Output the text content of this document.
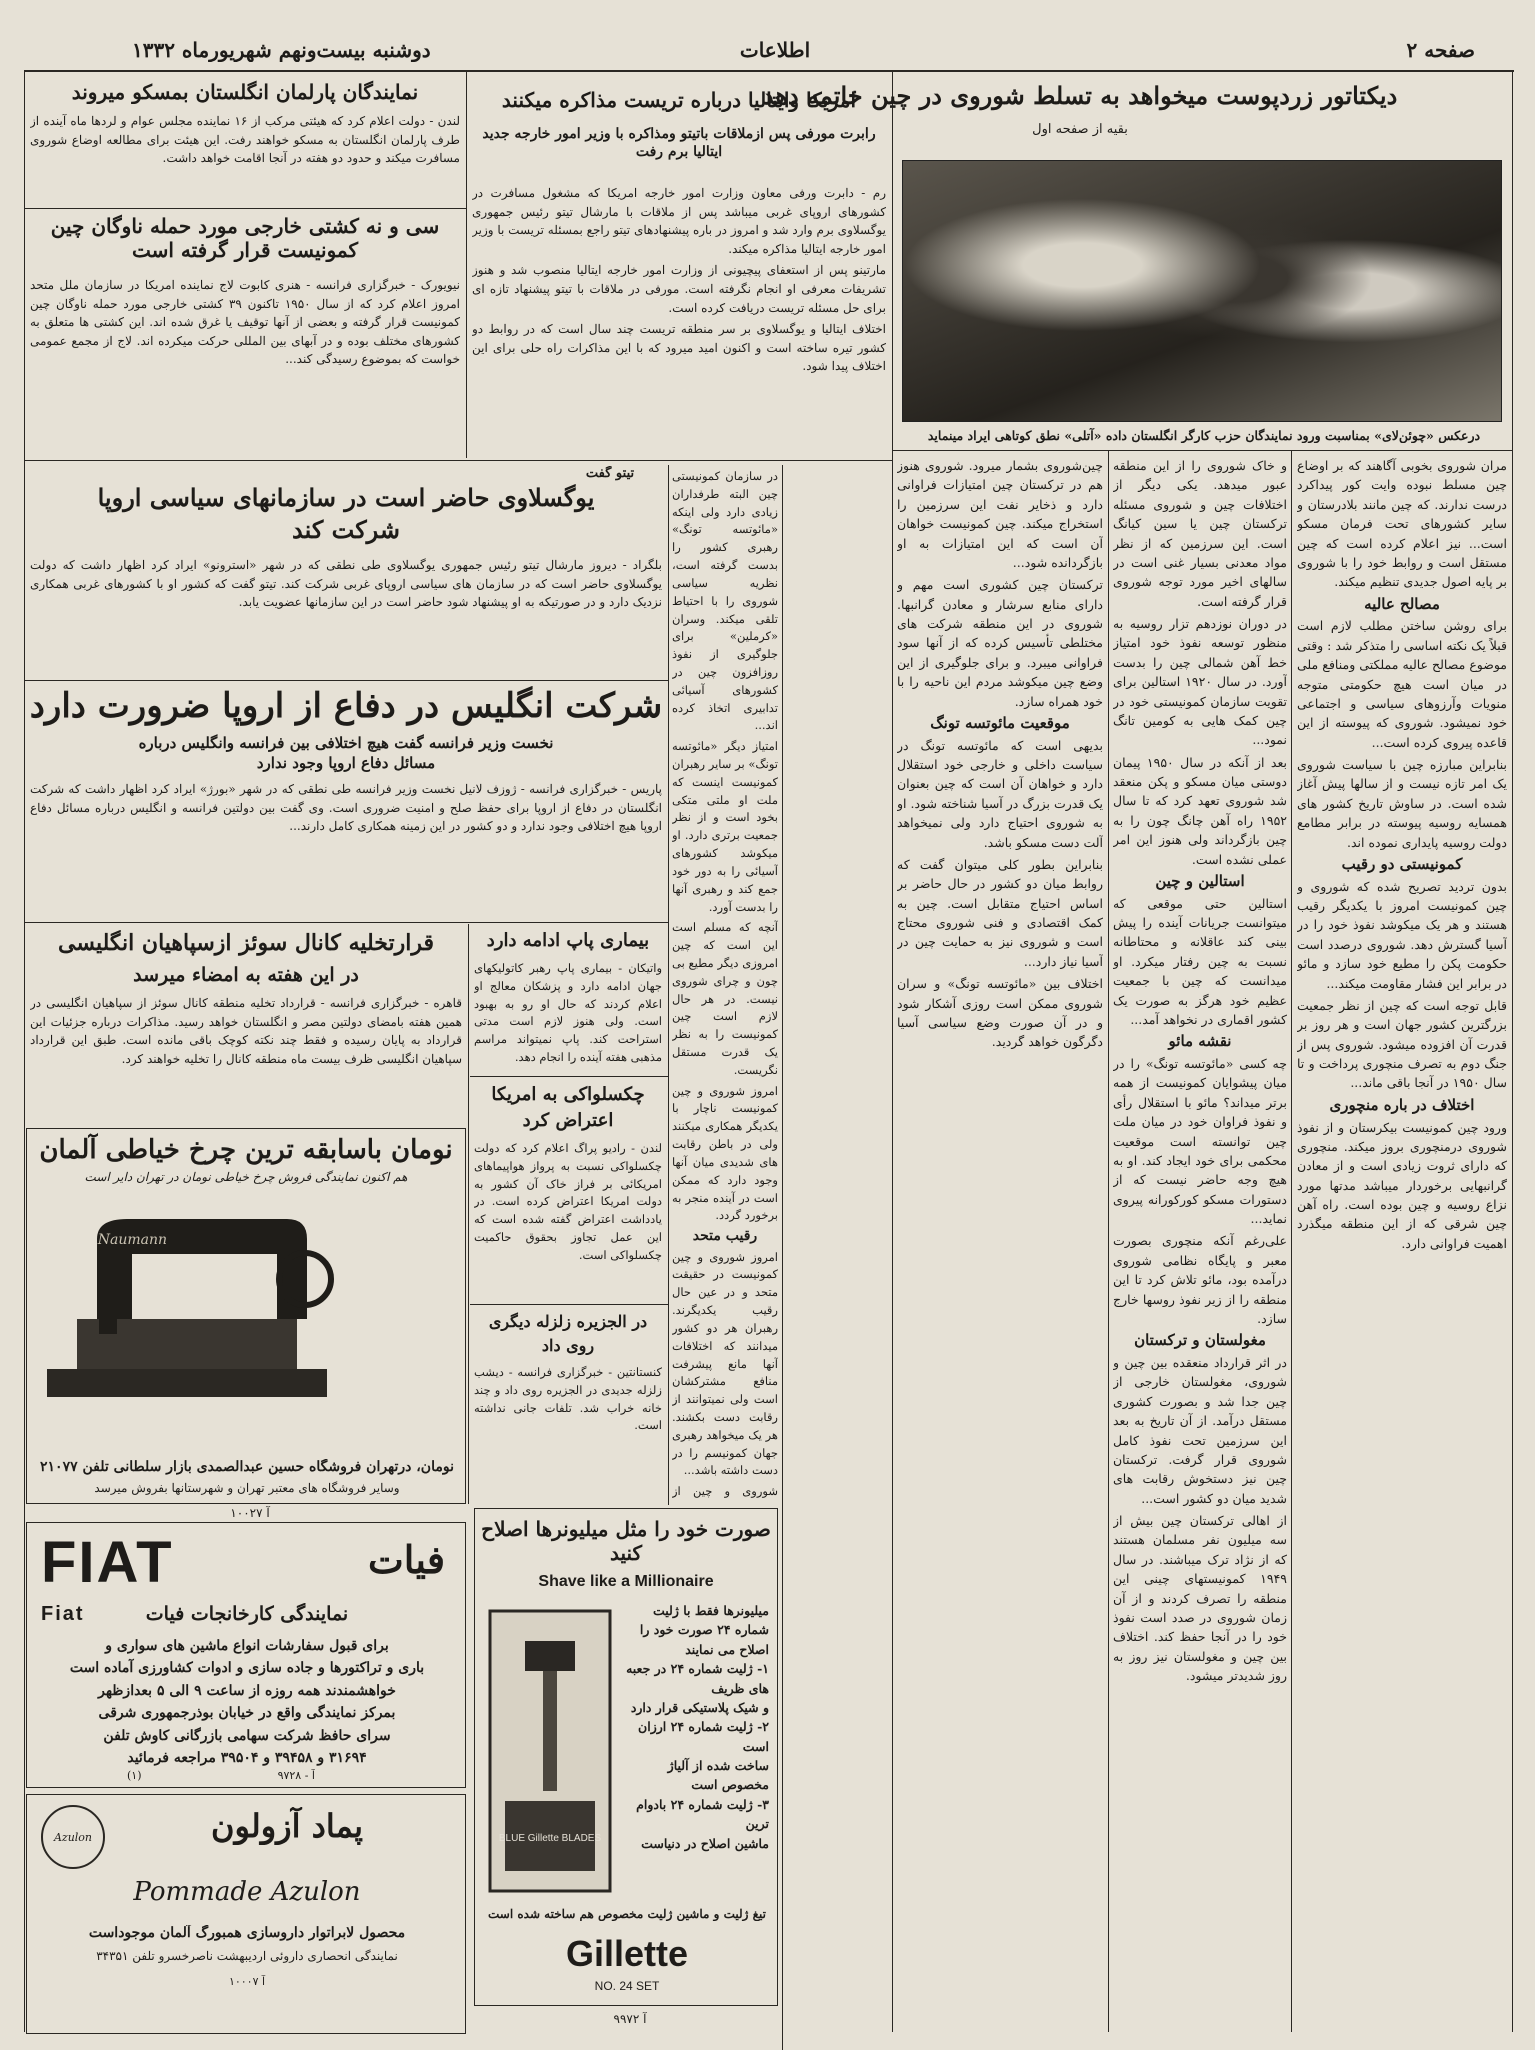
صفحه ۲
اطلاعات
دوشنبه بیست‌ونهم شهریورماه ۱۳۳۲
دیکتاتور زردپوست میخواهد به تسلط شوروی در چین خاتمه دهد
بقیه از صفحه اول
درعکس «چوئن‌لای» بمناسبت ورود نمایندگان حزب کارگر انگلستان داده «آتلی» نطق کوتاهی ایراد مینماید

مران شوروی بخوبی آگاهند که بر اوضاع چین مسلط نبوده وایت کور پیداکرد درست ندارند. که چین مانند بلادرستان و سایر کشورهای تحت فرمان مسکو است... نیز اعلام کرده است که چین مستقل است و روابط خود را با شوروی بر پایه اصول جدیدی تنظیم میکند.

مصالح عالیه

برای روشن ساختن مطلب لازم است قبلاً یک نکته اساسی را متذکر شد : وقتی موضوع مصالح عالیه مملکتی ومنافع ملی در میان است هیچ حکومتی متوجه منویات وآرزوهای سیاسی و اجتماعی خود نمیشود. شوروی که پیوسته از این قاعده پیروی کرده است...

بنابراین مبارزه چین با سیاست شوروی یک امر تازه نیست و از سالها پیش آغاز شده است. در ساوش تاریخ کشور های همسایه روسیه پیوسته در برابر مطامع دولت روسیه پایداری نموده اند.

کمونیستی دو رقیب

بدون تردید تصریح شده که شوروی و چین کمونیست امروز با یکدیگر رقیب هستند و هر یک میکوشد نفوذ خود را در آسیا گسترش دهد. شوروی درصدد است حکومت پکن را مطیع خود سازد و مائو در برابر این فشار مقاومت میکند...

قابل توجه است که چین از نظر جمعیت بزرگترین کشور جهان است و هر روز بر قدرت آن افزوده میشود. شوروی پس از جنگ دوم به تصرف منچوری پرداخت و تا سال ۱۹۵۰ در آنجا باقی ماند...

اختلاف در باره منچوری

ورود چین کمونیست بیکرستان و از نفوذ شوروی درمنچوری بروز میکند. منچوری که دارای ثروت زیادی است و از معادن گرانبهایی برخوردار میباشد مدتها مورد نزاع روسیه و چین بوده است. راه آهن چین شرقی که از این منطقه میگذرد اهمیت فراوانی دارد.

و خاک شوروی را از این منطقه عبور میدهد. یکی دیگر از اختلافات چین و شوروی مسئله ترکستان چین یا سین کیانگ است. این سرزمین که از نظر مواد معدنی بسیار غنی است در سالهای اخیر مورد توجه شوروی قرار گرفته است.

در دوران نوزدهم تزار روسیه به منظور توسعه نفوذ خود امتیاز خط آهن شمالی چین را بدست آورد. در سال ۱۹۲۰ استالین برای تقویت سازمان کمونیستی خود در چین کمک هایی به کومین تانگ نمود...

بعد از آنکه در سال ۱۹۵۰ پیمان دوستی میان مسکو و پکن منعقد شد شوروی تعهد کرد که تا سال ۱۹۵۲ راه آهن چانگ چون را به چین بازگرداند ولی هنوز این امر عملی نشده است.

استالین و چین

استالین حتی موقعی که میتوانست جریانات آینده را پیش بینی کند عاقلانه و محتاطانه نسبت به چین رفتار میکرد. او میدانست که چین با جمعیت عظیم خود هرگز به صورت یک کشور اقماری در نخواهد آمد...

نقشه مائو

چه کسی «مائوتسه تونگ» را در میان پیشوایان کمونیست از همه برتر میداند؟ مائو با استقلال رأی و نفوذ فراوان خود در میان ملت چین توانسته است موقعیت محکمی برای خود ایجاد کند. او به هیچ وجه حاضر نیست که از دستورات مسکو کورکورانه پیروی نماید...

علی‌رغم آنکه منچوری بصورت معبر و پایگاه نظامی شوروی درآمده بود، مائو تلاش کرد تا این منطقه را از زیر نفوذ روسها خارج سازد.

مغولستان و ترکستان

در اثر قرارداد منعقده بین چین و شوروی، مغولستان خارجی از چین جدا شد و بصورت کشوری مستقل درآمد. از آن تاریخ به بعد این سرزمین تحت نفوذ کامل شوروی قرار گرفت. ترکستان چین نیز دستخوش رقابت های شدید میان دو کشور است...

از اهالی ترکستان چین بیش از سه میلیون نفر مسلمان هستند که از نژاد ترک میباشند. در سال ۱۹۴۹ کمونیستهای چینی این منطقه را تصرف کردند و از آن زمان شوروی در صدد است نفوذ خود را در آنجا حفظ کند. اختلاف بین چین و مغولستان نیز روز به روز شدیدتر میشود.

چین‌شوروی بشمار میرود. شوروی هنوز هم در ترکستان چین امتیازات فراوانی دارد و ذخایر نفت این سرزمین را استخراج میکند. چین کمونیست خواهان آن است که این امتیازات به او بازگردانده شود...

ترکستان چین کشوری است مهم و دارای منابع سرشار و معادن گرانبها. شوروی در این منطقه شرکت های مختلطی تأسیس کرده که از آنها سود فراوانی میبرد. و برای جلوگیری از این وضع چین میکوشد مردم این ناحیه را با خود همراه سازد.

موقعیت مائوتسه تونگ

بدیهی است که مائوتسه تونگ در سیاست داخلی و خارجی خود استقلال دارد و خواهان آن است که چین بعنوان یک قدرت بزرگ در آسیا شناخته شود. او به شوروی احتیاج دارد ولی نمیخواهد آلت دست مسکو باشد.

بنابراین بطور کلی میتوان گفت که روابط میان دو کشور در حال حاضر بر اساس احتیاج متقابل است. چین به کمک اقتصادی و فنی شوروی محتاج است و شوروی نیز به حمایت چین در آسیا نیاز دارد...

اختلاف بین «مائوتسه تونگ» و سران شوروی ممکن است روزی آشکار شود و در آن صورت وضع سیاسی آسیا دگرگون خواهد گردید.

در سازمان کمونیستی چین البته طرفداران زیادی دارد ولی اینکه «مائوتسه تونگ» رهبری کشور را بدست گرفته است، نظریه سیاسی شوروی را با احتیاط تلقی میکند. وسران «کرملین» برای جلوگیری از نفوذ روزافزون چین در کشورهای آسیائی تدابیری اتخاذ کرده اند...

امتیاز دیگر «مائوتسه تونگ» بر سایر رهبران کمونیست اینست که ملت او ملتی متکی بخود است و از نظر جمعیت برتری دارد. او میکوشد کشورهای آسیائی را به دور خود جمع کند و رهبری آنها را بدست آورد.

آنچه که مسلم است این است که چین امروزی دیگر مطیع بی چون و چرای شوروی نیست. در هر حال لازم است چین کمونیست را به نظر یک قدرت مستقل نگریست.

امروز شوروی و چین کمونیست ناچار با یکدیگر همکاری میکنند ولی در باطن رقابت های شدیدی میان آنها وجود دارد که ممکن است در آینده منجر به برخورد گردد.

رقیب متحد

امروز شوروی و چین کمونیست در حقیقت متحد و در عین حال رقیب یکدیگرند. رهبران هر دو کشور میدانند که اختلافات آنها مانع پیشرفت منافع مشترکشان است ولی نمیتوانند از رقابت دست بکشند. هر یک میخواهد رهبری جهان کمونیسم را در دست داشته باشد...

شوروی و چین از

امریکا وایتالیا درباره تریست مذاکره میکنند
رابرت مورفی پس ازملاقات باتیتو ومذاکره با وزیر امور خارجه جدید ایتالیا برم رفت

رم - دابرت ورفی معاون وزارت امور خارجه امریکا که مشغول مسافرت در کشورهای اروپای غربی میباشد پس از ملاقات با مارشال تیتو رئیس جمهوری یوگسلاوی برم وارد شد و امروز در باره پیشنهادهای تیتو راجع بمسئله تریست با وزیر امور خارجه ایتالیا مذاکره میکند.

مارتینو پس از استعفای پیچیونی از وزارت امور خارجه ایتالیا منصوب شد و هنوز تشریفات معرفی او انجام نگرفته است. مورفی در ملاقات با تیتو پیشنهاد تازه ای برای حل مسئله تریست دریافت کرده است.

اختلاف ایتالیا و یوگسلاوی بر سر منطقه تریست چند سال است که در روابط دو کشور تیره ساخته است و اکنون امید میرود که با این مذاکرات راه حلی برای این اختلاف پیدا شود.

نمایندگان پارلمان انگلستان بمسکو میروند

لندن - دولت اعلام کرد که هیئتی مرکب از ۱۶ نماینده مجلس عوام و لردها ماه آینده از طرف پارلمان انگلستان به مسکو خواهند رفت. این هیئت برای مطالعه اوضاع شوروی مسافرت میکند و حدود دو هفته در آنجا اقامت خواهد داشت.

سی و نه کشتی خارجی مورد حمله ناوگان چین کمونیست قرار گرفته است

نیویورک - خبرگزاری فرانسه - هنری کابوت لاج نماینده امریکا در سازمان ملل متحد امروز اعلام کرد که از سال ۱۹۵۰ تاکنون ۳۹ کشتی خارجی مورد حمله ناوگان چین کمونیست قرار گرفته و بعضی از آنها توقیف یا غرق شده اند. این کشتی ها متعلق به کشورهای مختلف بوده و در آبهای بین المللی حرکت میکرده اند. لاج از مجمع عمومی خواست که بموضوع رسیدگی کند...

تیتو گفت
یوگسلاوی حاضر است در سازمانهای سیاسی اروپا
شرکت کند

بلگراد - دیروز مارشال تیتو رئیس جمهوری یوگسلاوی طی نطقی که در شهر «استرونو» ایراد کرد اظهار داشت که دولت یوگسلاوی حاضر است که در سازمان های سیاسی اروپای غربی شرکت کند. تیتو گفت که کشور او با کشورهای غربی همکاری نزدیک دارد و در صورتیکه به او پیشنهاد شود حاضر است در این سازمانها عضویت یابد.

شرکت انگلیس در دفاع از اروپا ضرورت دارد
نخست وزیر فرانسه گفت هیچ اختلافی بین فرانسه وانگلیس درباره
مسائل دفاع اروپا وجود ندارد

پاریس - خبرگزاری فرانسه - ژوزف لانیل نخست وزیر فرانسه طی نطقی که در شهر «بورژ» ایراد کرد اظهار داشت که شرکت انگلستان در دفاع از اروپا برای حفظ صلح و امنیت ضروری است. وی گفت بین دولتین فرانسه و انگلیس درباره مسائل دفاع اروپا هیچ اختلافی وجود ندارد و دو کشور در این زمینه همکاری کامل دارند...

قرارتخلیه کانال سوئز ازسپاهیان انگلیسی
در این هفته به امضاء میرسد

قاهره - خبرگزاری فرانسه - قرارداد تخلیه منطقه کانال سوئز از سپاهیان انگلیسی در همین هفته بامضای دولتین مصر و انگلستان خواهد رسید. مذاکرات درباره جزئیات این قرارداد به پایان رسیده و فقط چند نکته کوچک باقی مانده است. طبق این قرارداد سپاهیان انگلیسی ظرف بیست ماه منطقه کانال را تخلیه خواهند کرد.

بیماری پاپ ادامه دارد

واتیکان - بیماری پاپ رهبر کاتولیکهای جهان ادامه دارد و پزشکان معالج او اعلام کردند که حال او رو به بهبود است. ولی هنوز لازم است مدتی استراحت کند. پاپ نمیتواند مراسم مذهبی هفته آینده را انجام دهد.

چکسلواکی به امریکا
اعتراض کرد

لندن - رادیو پراگ اعلام کرد که دولت چکسلواکی نسبت به پرواز هواپیماهای امریکائی بر فراز خاک آن کشور به دولت امریکا اعتراض کرده است. در یادداشت اعتراض گفته شده است که این عمل تجاوز بحقوق حاکمیت چکسلواکی است.

در الجزیره زلزله دیگری
روی داد

کنستانتین - خبرگزاری فرانسه - دیشب زلزله جدیدی در الجزیره روی داد و چند خانه خراب شد. تلفات جانی نداشته است.

نومان باسابقه ترین چرخ خیاطی آلمان
هم اکنون نمایندگی فروش چرخ خیاطی نومان در تهران دایر است
Naumann
نومان، درتهران فروشگاه حسین عبدالصمدی بازار سلطانی تلفن ۲۱۰۷۷
وسایر فروشگاه های معتبر تهران و شهرستانها بفروش میرسد
آ ۱۰۰۲۷
FIAT	فیات
نمایندگی کارخانجات فیات
Fiat
برای قبول سفارشات انواع ماشین های سواری و
باری و تراکتورها و جاده سازی و ادوات کشاورزی آماده است
خواهشمندند همه روزه از ساعت ۹ الی ۵ بعدازظهر
بمرکز نمایندگی واقع در خیابان بوذرجمهوری شرقی
سرای حافظ شرکت سهامی بازرگانی کاوش تلفن
۳۱۶۹۴ و ۳۹۴۵۸ و ۳۹۵۰۴ مراجعه فرمائید
آ - ۹۷۲۸
(۱)
Azulon	پماد آزولون
Pommade Azulon
محصول لابراتوار داروسازی همبورگ آلمان موجوداست
نمایندگی انحصاری داروئی اردیبهشت ناصرخسرو تلفن ۳۴۳۵۱
آ ۱۰۰۰۷
صورت خود را مثل میلیونرها اصلاح کنید
Shave like a Millionaire
BLUE Gillette BLADES
میلیونرها فقط با ژلیت شماره ۲۴ صورت خود را اصلاح می نمایند
۱- ژلیت شماره ۲۴ در جعبه های ظریف
و شیک پلاستیکی قرار دارد
۲- ژلیت شماره ۲۴ ارزان است
ساخت شده از آلیاژ مخصوص است
۳- ژلیت شماره ۲۴ بادوام ترین
ماشین اصلاح در دنیاست
تیغ ژلیت و ماشین ژلیت مخصوص هم ساخته شده است
Gillette
NO. 24 SET
آ ۹۹۷۲
